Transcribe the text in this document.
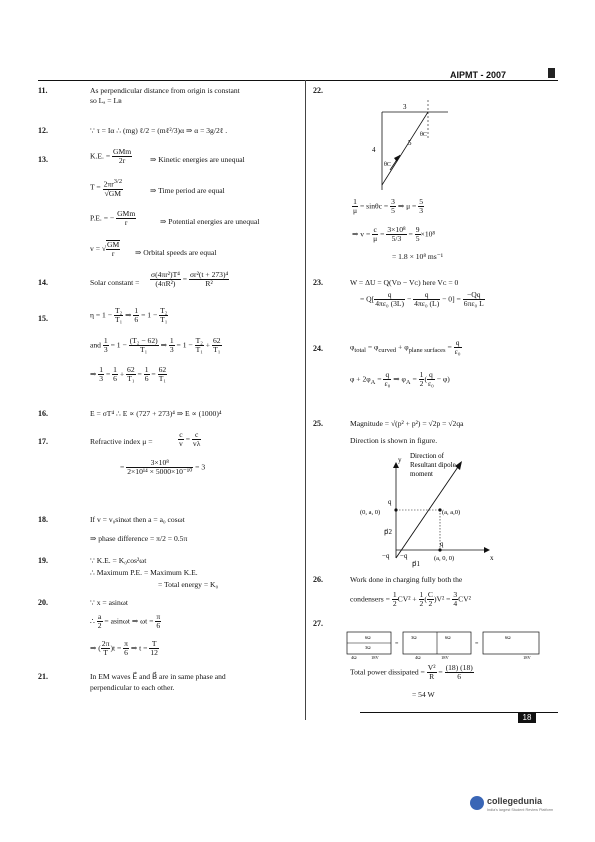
AIPMT - 2007
11.	As perpendicular distance from origin is constant
so Lₐ = Lʙ
12.	∵ τ = Iα ∴ (mg) ℓ/2 = (mℓ²/3)α ⇒ α = 3g/2ℓ .
13.	K.E. = $\frac{\text{GMm}}{2r}$ ⇒ Kinetic energies are unequal
$T = \frac{2\pi r^{3/2}}{√GM}$	⇒ Time period are equal
P.E. = − $\frac{\text{GMm}}{r}$	⇒ Potential energies are unequal
v = √ $\frac{GM}{r}$ ⇒ Orbital speeds are equal
14.	Solar constant = $\frac{\text{σ(4πr²)T⁴}}{\text{(4πR²)}} = \frac{\text{σr²(t + 273)⁴}}{\text{R²}}$
15.	$\eta = 1 - \frac{\text{T₂}}{\text{T₁}}$ ⇒ $\frac{1}{6} = 1 - \frac{\text{T₂}}{\text{T₁}}$
and $\frac{1}{3} = 1 - \frac{\text{(T₂ − 62)}}{\text{T₁}}$ ⇒ $\frac{1}{3} = 1 - \frac{\text{T₂}}{\text{T₁}} + \frac{62}{\text{T₁}}$
⇒ $\frac{1}{3} = \frac{1}{6} + \frac{62}{\text{T₁}} = \frac{1}{6} = \frac{62}{\text{T₁}}$
16.	E = σT⁴ ∴ E ∝ (727 + 273)⁴ ⇒ E ∝ (1000)⁴
17.	Refractive index μ =	$\frac{c}{v} = \frac{c}{v\lambda}$
= $\frac{\text{3×10⁸}}{\text{2×10¹⁴ × 5000×10⁻¹⁰}} = 3$
18.	If v = v₀sinωt then a = a₀ cosωt
⇒ phase difference = π/2 = 0.5π
19.	∵ K.E. = K₀cos²ωt
∴ Maximum P.E. = Maximum K.E.
= Total energy = K₀
20.	∵ x = asinωt
∴ $\frac{a}{2} = asin\omega t$ ⇒ $\omega t = \frac{\pi}{6}$
⇒ ( $\frac{2\pi}{T} )t = \frac{\pi}{6}$ ⇒ $t = \frac{T}{12}$
21.	In EM waves E⃗ and B⃗ are in same phase and
perpendicular to each other.
22.
3
4
5
θC
θC
$\frac{1}{\mu} = \sin\theta c = \frac{3}{5}$ ⇒ $\mu = \frac{5}{3}$
⇒ $v = \frac{c}{\mu} = \frac{\text{3×10⁸}}{5/3} = \frac{9}{5} \times 10^8$
= 1.8 × 10⁸ ms⁻¹
23.	W = ΔU = Q(Vᴅ − Vᴄ) here Vᴄ = 0
= $Q[ \frac{q}{\text{4πε₀ (3L)}} - \frac{q}{\text{4πε₀ (L)}} - 0] = \frac{-Qq}{\text{6πε₀ L}}$
24.	$\varphi_{total} = \varphi_{curved} + \varphi_{plane surfaces} = \frac{q}{\text{ε₀}}$
$\varphi + 2\varphi_A = \frac{q}{\text{ε₀}}$ ⇒ $\varphi_A = \frac{1}{2}$ ( $\frac{q}{\text{ε₀}} - \varphi$)
25.	Magnitude = √(p² + p²) = √2p = √2qa
Direction is shown in figure.
y
x
Direction of
Resultant dipole
moment
q
(0, a, 0)	(a, a,0)
p⃗2
q
−q −q
p⃗1
(a, 0, 0)
26.	Work done in charging fully both the
condensers = $\frac{1}{2} CV^2 + \frac{1}{2}$ ( $\frac{C}{2} )V^2 = \frac{3}{4} CV^2$
27.
6Ω
3Ω
4Ω	18V
=
3Ω	6Ω
4Ω	18V
=
6Ω
18V
Total power dissipated = $\frac{\text{V²}}{R} = \frac{(18) (18)}{6}$
= 54 W
18
collegedunia
India's largest Student Review Platform
